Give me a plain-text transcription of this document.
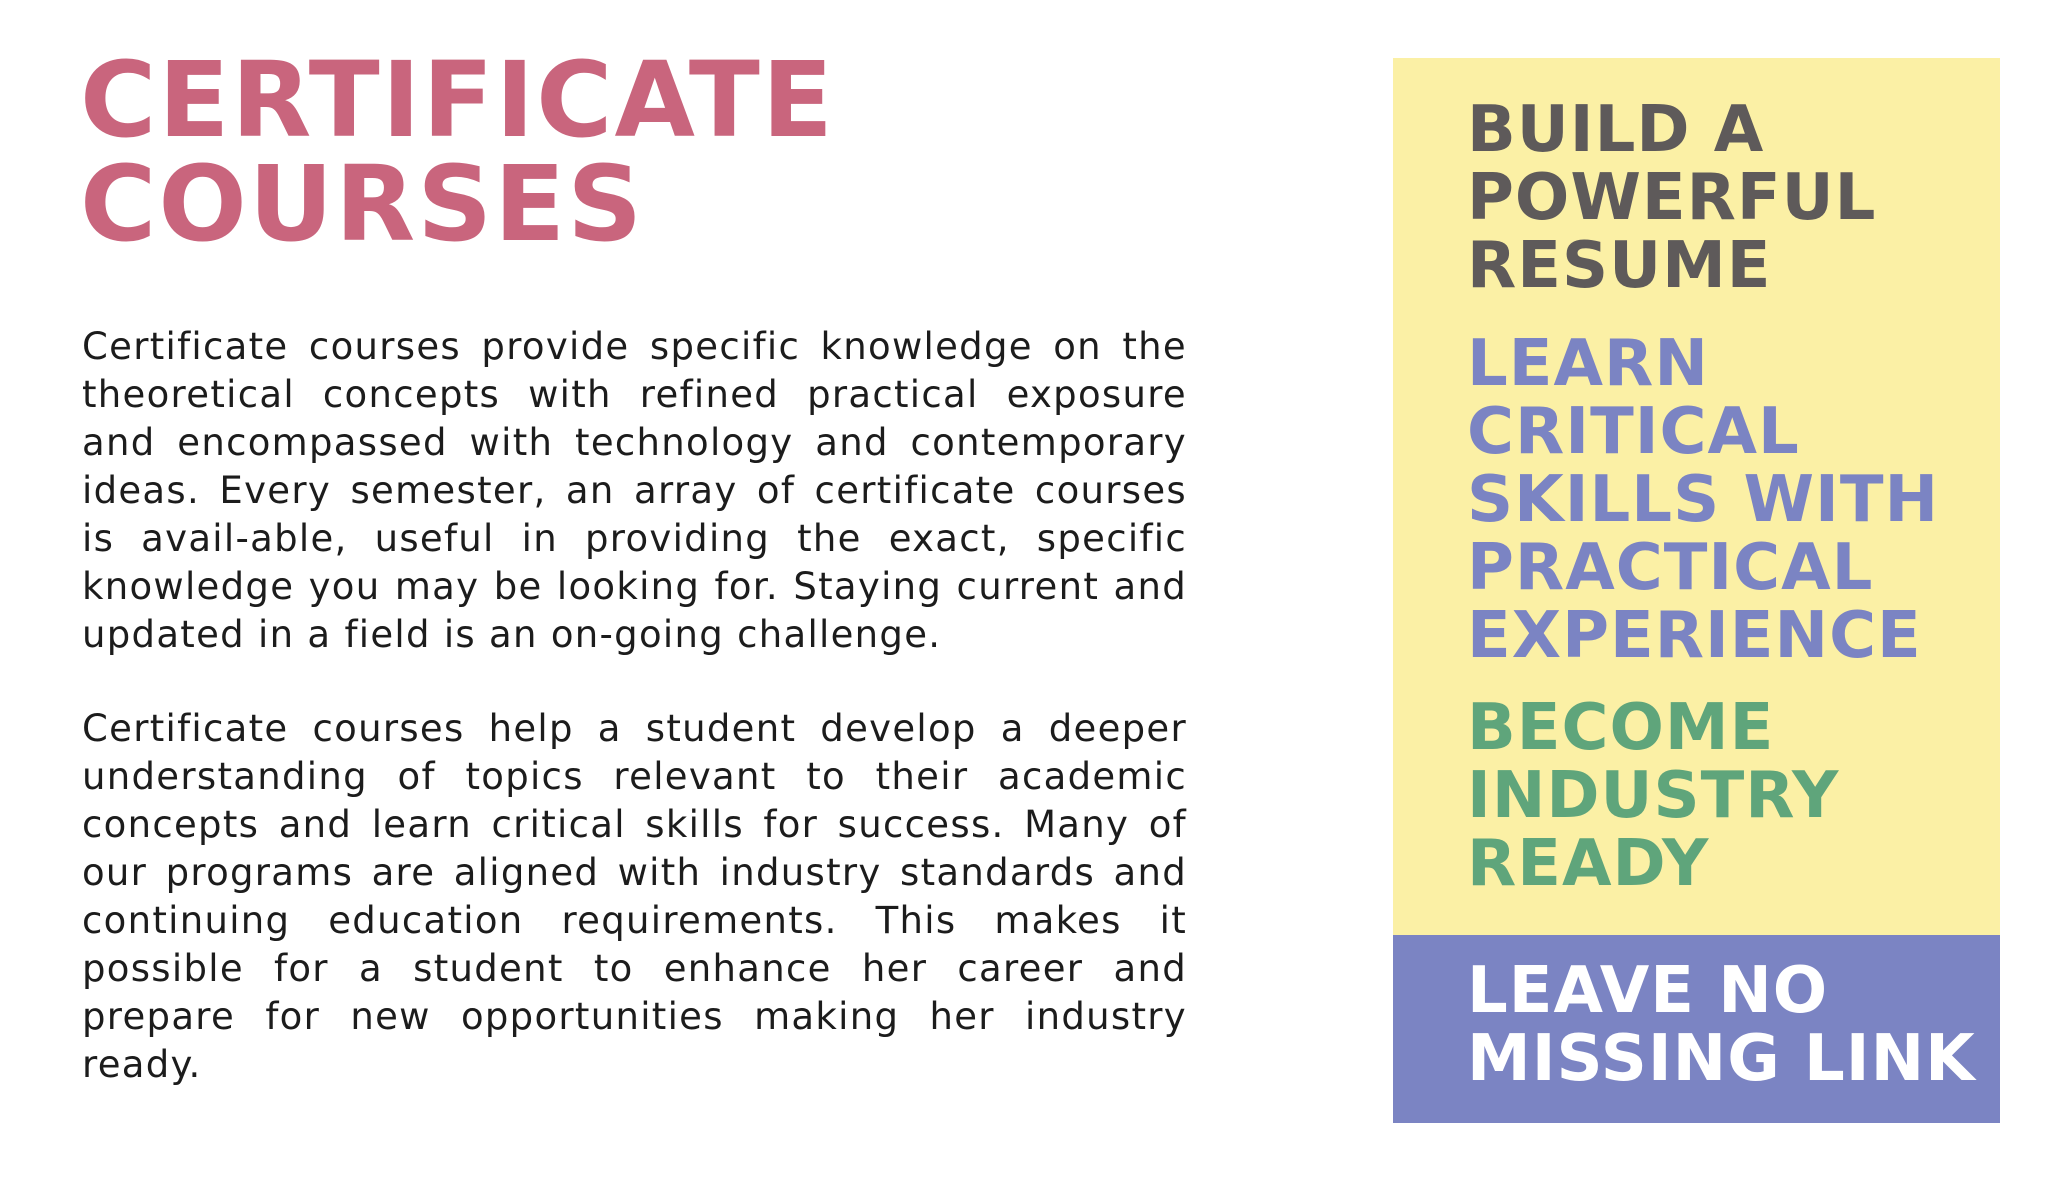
CERTIFICATE
COURSES

Certificate courses provide specific knowledge on the theoretical concepts with refined practical exposure and encompassed with technology and contemporary ideas. Every semester, an array of certificate courses is avail-able, useful in providing the exact, specific knowledge you may be looking for. Staying current and updated in a field is an on-going challenge.

Certificate courses help a student develop a deeper understanding of topics relevant to their academic concepts and learn critical skills for success. Many of our programs are aligned with industry standards and continuing education requirements. This makes it possible for a student to enhance her career and prepare for new opportunities making her industry ready.

BUILD A
POWERFUL
RESUME
LEARN
CRITICAL
SKILLS WITH
PRACTICAL
EXPERIENCE
BECOME
INDUSTRY
READY
LEAVE NO
MISSING LINK
